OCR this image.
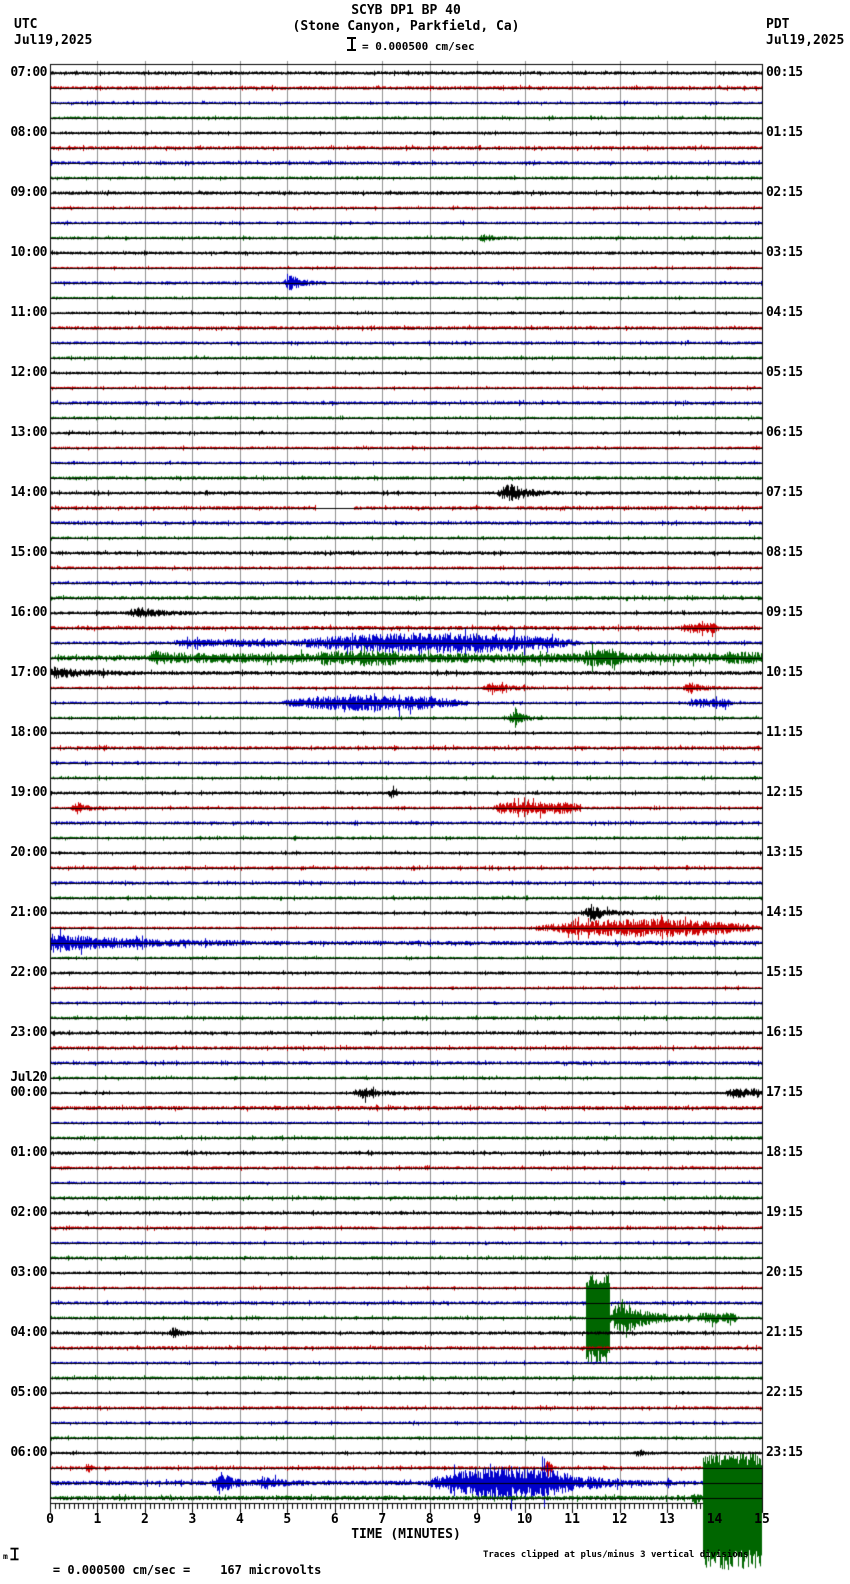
SCYB DP1 BP 40
(Stone Canyon, Parkfield, Ca)
UTC
Jul19,2025
PDT
Jul19,2025
= 0.000500 cm/sec
07:00
08:00
09:00
10:00
11:00
12:00
13:00
14:00
15:00
16:00
17:00
18:00
19:00
20:00
21:00
22:00
23:00
Jul20
00:00
01:00
02:00
03:00
04:00
05:00
06:00
00:15
01:15
02:15
03:15
04:15
05:15
06:15
07:15
08:15
09:15
10:15
11:15
12:15
13:15
14:15
15:15
16:15
17:15
18:15
19:15
20:15
21:15
22:15
23:15
0	1	2	3	4	5	6	7	8	9	10	11	12	13	14	15
TIME (MINUTES)
m

= 0.000500 cm/sec =	167 microvolts

Traces clipped at plus/minus 3 vertical divisions
